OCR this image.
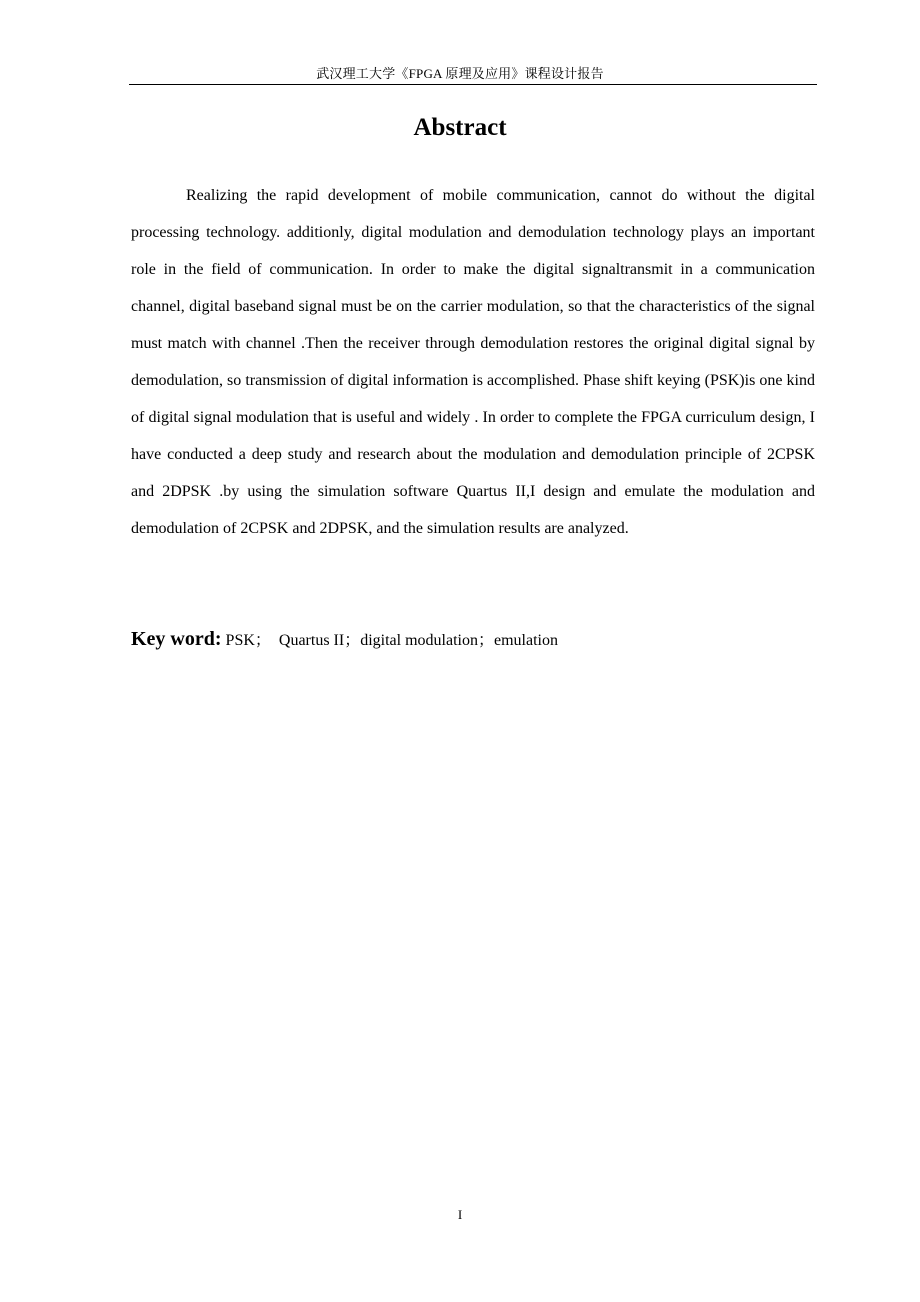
武汉理工大学《FPGA 原理及应用》课程设计报告
Abstract

Realizing the rapid development of mobile communication, cannot do without the digital processing technology. additionly, digital modulation and demodulation technology plays an important role in the field of communication. In order to make the digital signaltransmit in a communication channel, digital baseband signal must be on the carrier modulation, so that the characteristics of the signal must match with channel .Then the receiver through demodulation restores the original digital signal by demodulation, so transmission of digital information is accomplished. Phase shift keying (PSK)is one kind of digital signal modulation that is useful and widely . In order to complete the FPGA curriculum design, I have conducted a deep study and research about the modulation and demodulation principle of 2CPSK and 2DPSK .by using the simulation software Quartus II,I design and emulate the modulation and demodulation of 2CPSK and 2DPSK, and the simulation results are analyzed.

Key word: PSK；  Quartus II；digital modulation；emulation

I
